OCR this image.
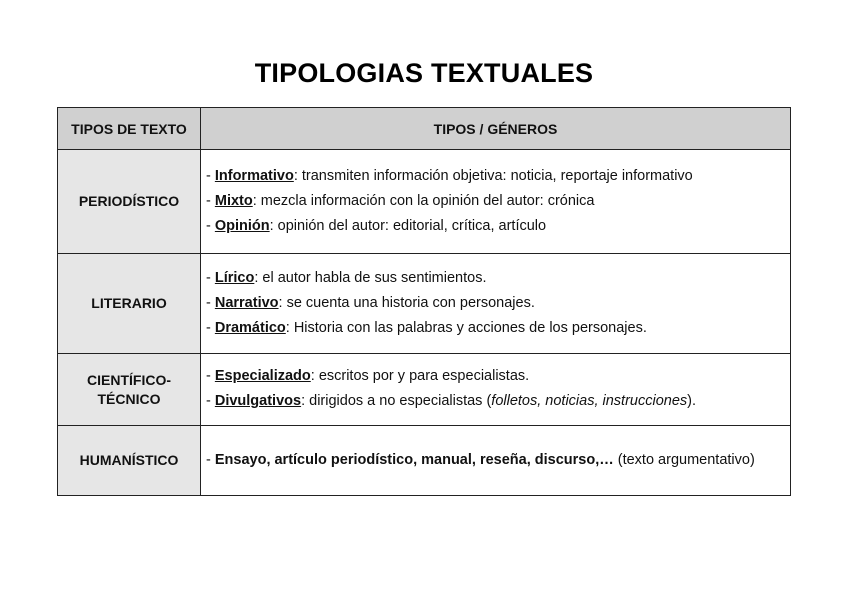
TIPOLOGIAS TEXTUALES
TIPOS DE TEXTO	TIPOS / GÉNEROS
PERIODÍSTICO	- Informativo: transmiten información objetiva: noticia, reportaje informativo
- Mixto: mezcla información con la opinión del autor: crónica
- Opinión: opinión del autor: editorial, crítica, artículo

LITERARIO	- Lírico: el autor habla de sus sentimientos.
- Narrativo: se cuenta una historia con personajes.
- Dramático: Historia con las palabras y acciones de los personajes.

CIENTÍFICO-
TÉCNICO	- Especializado: escritos por y para especialistas.
- Divulgativos: dirigidos a no especialistas (folletos, noticias, instrucciones).

HUMANÍSTICO	- Ensayo, artículo periodístico, manual, reseña, discurso,… (texto argumentativo)
